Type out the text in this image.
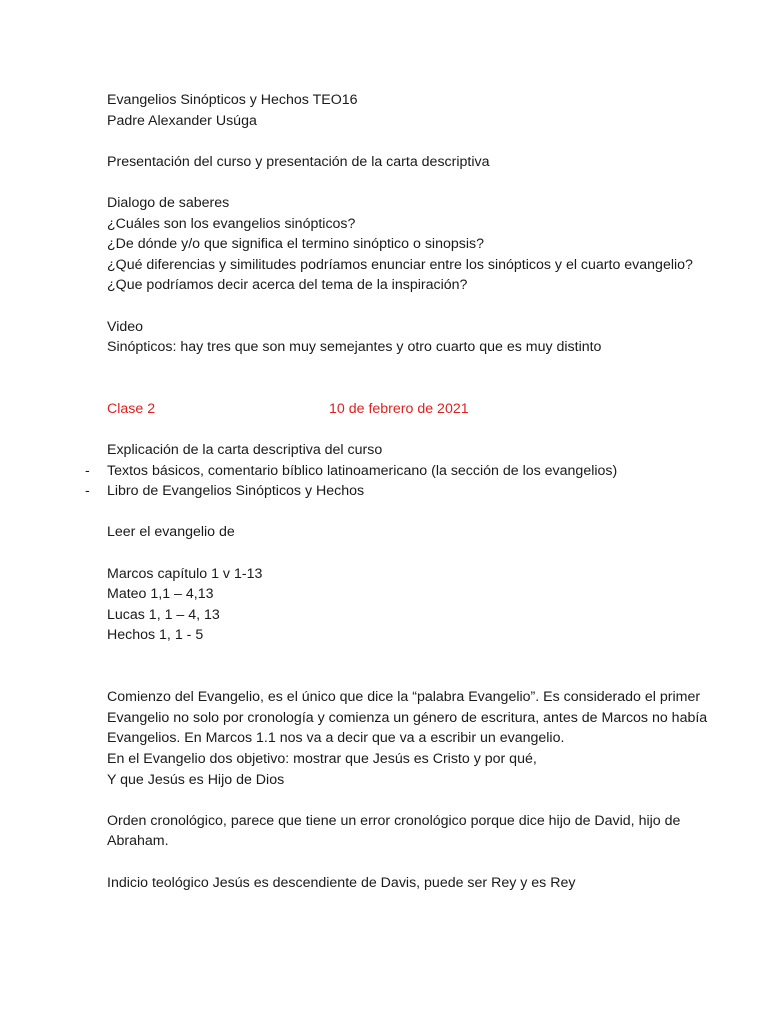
Evangelios Sinópticos y Hechos TEO16
Padre Alexander Usúga
Presentación del curso y presentación de la carta descriptiva
Dialogo de saberes
¿Cuáles son los evangelios sinópticos?
¿De dónde y/o que significa el termino sinóptico o sinopsis?
¿Qué diferencias y similitudes podríamos enunciar entre los sinópticos y el cuarto evangelio?
¿Que podríamos decir acerca del tema de la inspiración?
Video
Sinópticos: hay tres que son muy semejantes y otro cuarto que es muy distinto
Clase 2	10 de febrero de 2021
Explicación de la carta descriptiva del curso
- Textos básicos, comentario bíblico latinoamericano (la sección de los evangelios)
- Libro de Evangelios Sinópticos y Hechos
Leer el evangelio de
Marcos capítulo 1 v 1-13
Mateo 1,1 – 4,13
Lucas 1, 1 – 4, 13
Hechos 1, 1 - 5
Comienzo del Evangelio, es el único que dice la “palabra Evangelio”. Es considerado el primer Evangelio no solo por cronología y comienza un género de escritura, antes de Marcos no había Evangelios. En Marcos 1.1 nos va a decir que va a escribir un evangelio.
En el Evangelio dos objetivo: mostrar que Jesús es Cristo y por qué,
Y que Jesús es Hijo de Dios
Orden cronológico, parece que tiene un error cronológico porque dice hijo de David, hijo de Abraham.
Indicio teológico Jesús es descendiente de Davis, puede ser Rey y es Rey
